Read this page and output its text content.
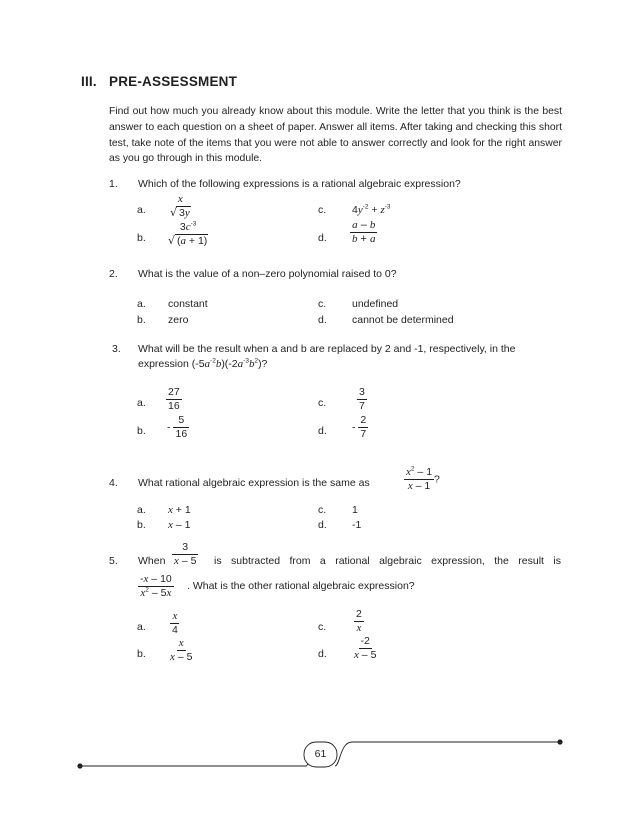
III. PRE-ASSESSMENT
Find out how much you already know about this module. Write the letter that you think is the best answer to each question on a sheet of paper. Answer all items. After taking and checking this short test, take note of the items that you were not able to answer correctly and look for the right answer as you go through in this module.
1. Which of the following expressions is a rational algebraic expression?
a. $\frac{x}{√ 3y}$
b. $\frac{3c^{-3}}{√ (a + 1)}$
c. $4y^{-2} + z^{-3}$
d. $\frac{a - b}{b + a}$
2. What is the value of a non–zero polynomial raised to 0?
a. constant
b. zero
c. undefined
d. cannot be determined
3. What will be the result when a and b are replaced by 2 and -1, respectively, in the
expression $(-5a^{-2}b)(-2a^{-3}b^2)$?
a. $\frac{27}{16}$
b. - $\frac{5}{16}$
c.	$\frac{3}{7}$
d. - $\frac{2}{7}$
4. What rational algebraic expression is the same as	$\frac{x^2 - 1}{x - 1}$ ?
a. x + 1
b. x – 1
c. 1
d. -1
5. When $\frac{3}{x - 5}$ is subtracted from a rational algebraic expression, the result is
$\frac{-x - 10}{x^2 - 5x}$ . What is the other rational algebraic expression?
a. $\frac{x}{4}$
b. $\frac{x}{x - 5}$
c.	$\frac{2}{x}$
d. $\frac{-2}{x - 5}$
61
